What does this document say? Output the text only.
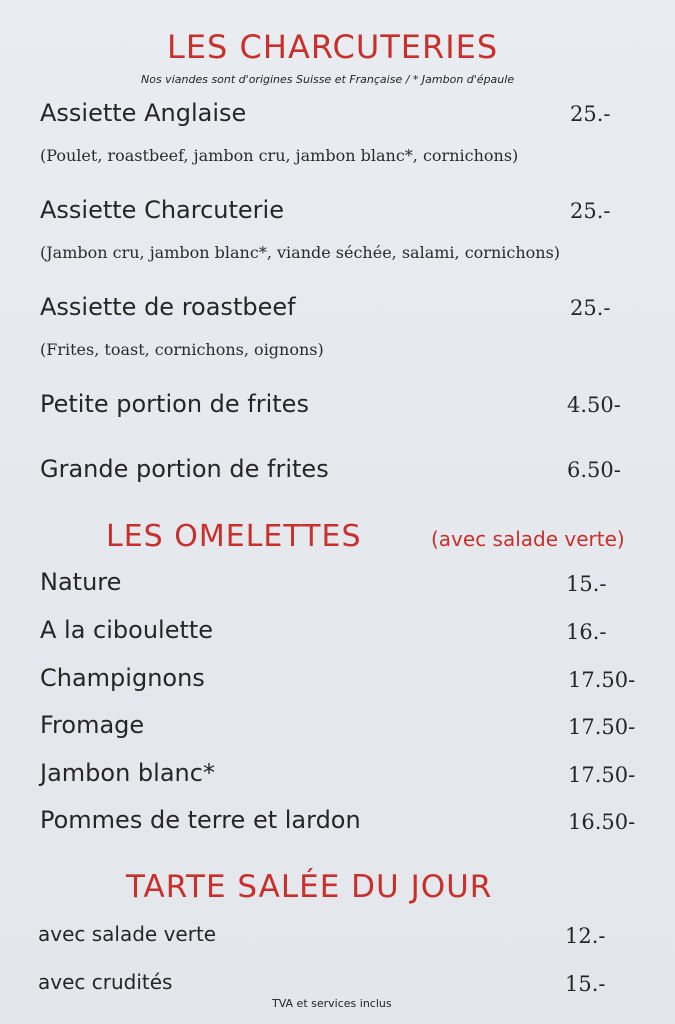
LES CHARCUTERIES
Nos viandes sont d'origines Suisse et Française / * Jambon d'épaule
Assiette Anglaise	25.-
(Poulet, roastbeef, jambon cru, jambon blanc*, cornichons)
Assiette Charcuterie	25.-
(Jambon cru, jambon blanc*, viande séchée, salami, cornichons)
Assiette de roastbeef	25.-
(Frites, toast, cornichons, oignons)
Petite portion de frites	4.50-
Grande portion de frites	6.50-
LES OMELETTES	(avec salade verte)
Nature	15.-
A la ciboulette	16.-
Champignons	17.50-
Fromage	17.50-
Jambon blanc*	17.50-
Pommes de terre et lardon	16.50-
TARTE SALÉE DU JOUR
avec salade verte	12.-
avec crudités	15.-
TVA et services inclus
